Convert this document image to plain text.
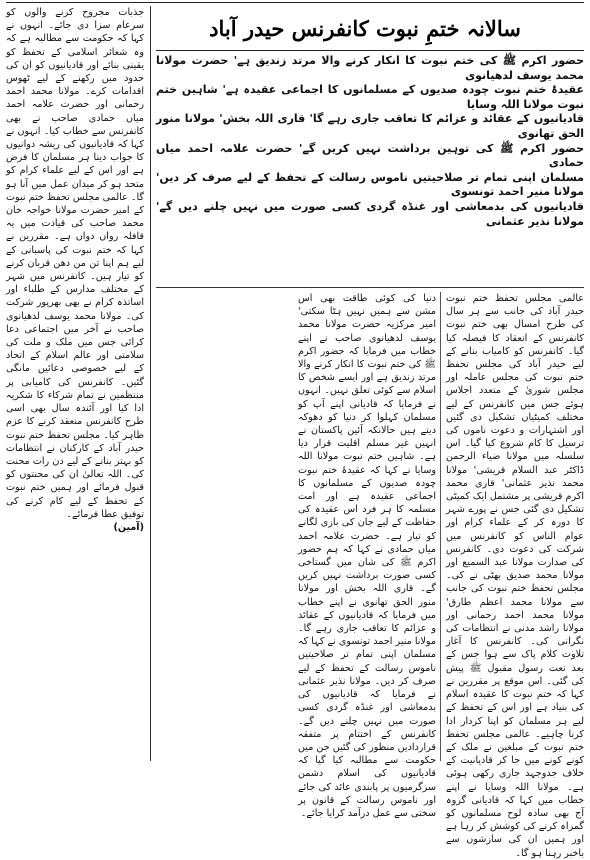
سالانہ ختمِ نبوت کانفرنس حیدر آباد

حضور اکرم ﷺ کی ختم نبوت کا انکار کرنے والا مرتد زندیق ہے' حضرت مولانا محمد یوسف لدھیانوی

عقیدۂ ختم نبوت چودہ صدیوں کے مسلمانوں کا اجماعی عقیدہ ہے' شاہین ختم نبوت مولانا اللہ وسایا

قادیانیوں کے عقائد و عزائم کا تعاقب جاری رہے گا' قاری اللہ بخش' مولانا منور الحق تھانوی

حضور اکرم ﷺ کی توہین برداشت نہیں کریں گے' حضرت علامہ احمد میاں حمادی

مسلمان اپنی تمام تر صلاحیتیں ناموس رسالت کے تحفظ کے لیے صرف کر دیں' مولانا منیر احمد تونسوی

قادیانیوں کی بدمعاشی اور غنڈہ گردی کسی صورت میں نہیں چلنے دیں گے' مولانا نذیر عثمانی

عالمی مجلس تحفظ ختم نبوت حیدر آباد کی جانب سے ہر سال کی طرح امسال بھی ختم نبوت کانفرنس کے انعقاد کا فیصلہ کیا گیا۔ کانفرنس کو کامیاب بنانے کے لیے حیدر آباد کی مجلس تحفظ ختم نبوت کی مجلس عاملہ اور مجلس شوریٰ کے متعدد اجلاس ہوئے جس میں کانفرنس کے لیے مختلف کمیٹیاں تشکیل دی گئیں اور اشتہارات و دعوت ناموں کی ترسیل کا کام شروع کیا گیا۔ اس سلسلہ میں مولانا ضیاء الرحمن ڈاکٹر عبد السلام قریشی' مولانا محمد نذیر عثمانی' قاری محمد اکرم قریشی پر مشتمل ایک کمیٹی تشکیل دی گئی جس نے پورے شہر کا دورہ کر کے علماء کرام اور عوام الناس کو کانفرنس میں شرکت کی دعوت دی۔ کانفرنس کی صدارت مولانا عبد السمیع اور مولانا محمد صدیق بھٹی نے کی۔ مجلس تحفظ ختم نبوت کی جانب سے مولانا محمد اعظم طارق' مولانا محمد احمد رحمانی اور مولانا راشد مدنی نے انتظامات کی نگرانی کی۔ کانفرنس کا آغاز تلاوت کلام پاک سے ہوا جس کے بعد نعت رسول مقبول ﷺ پیش کی گئی۔ اس موقع پر مقررین نے کہا کہ ختم نبوت کا عقیدہ اسلام کی بنیاد ہے اور اس کے تحفظ کے لیے ہر مسلمان کو اپنا کردار ادا کرنا چاہیے۔ عالمی مجلس تحفظ ختم نبوت کے مبلغین نے ملک کے کونے کونے میں جا کر قادیانیت کے خلاف جدوجہد جاری رکھی ہوئی ہے۔ مولانا اللہ وسایا نے اپنے خطاب میں کہا کہ قادیانی گروہ آج بھی سادہ لوح مسلمانوں کو گمراہ کرنے کی کوشش کر رہا ہے اور ہمیں ان کی سازشوں سے باخبر رہنا ہو گا۔

دنیا کی کوئی طاقت بھی اس مشن سے ہمیں نہیں ہٹا سکتی' امیر مرکزیہ حضرت مولانا محمد یوسف لدھیانوی صاحب نے اپنے خطاب میں فرمایا کہ حضور اکرم ﷺ کی ختم نبوت کا انکار کرنے والا مرتد زندیق ہے اور ایسے شخص کا اسلام سے کوئی تعلق نہیں۔ انہوں نے فرمایا کہ قادیانی اپنے آپ کو مسلمان کہلوا کر دنیا کو دھوکہ دیتے ہیں حالانکہ آئین پاکستان نے انہیں غیر مسلم اقلیت قرار دیا ہے۔ شاہین ختم نبوت مولانا اللہ وسایا نے کہا کہ عقیدۂ ختم نبوت چودہ صدیوں کے مسلمانوں کا اجماعی عقیدہ ہے اور امت مسلمہ کا ہر فرد اس عقیدہ کی حفاظت کے لیے جان کی بازی لگانے کو تیار ہے۔ حضرت علامہ احمد میاں حمادی نے کہا کہ ہم حضور اکرم ﷺ کی شان میں گستاخی کسی صورت برداشت نہیں کریں گے۔ قاری اللہ بخش اور مولانا منور الحق تھانوی نے اپنے خطاب میں فرمایا کہ قادیانیوں کے عقائد و عزائم کا تعاقب جاری رہے گا۔ مولانا منیر احمد تونسوی نے کہا کہ مسلمان اپنی تمام تر صلاحیتیں ناموس رسالت کے تحفظ کے لیے صرف کر دیں۔ مولانا نذیر عثمانی نے فرمایا کہ قادیانیوں کی بدمعاشی اور غنڈہ گردی کسی صورت میں نہیں چلنے دیں گے۔ کانفرنس کے اختتام پر متفقہ قراردادیں منظور کی گئیں جن میں حکومت سے مطالبہ کیا گیا کہ قادیانیوں کی اسلام دشمن سرگرمیوں پر پابندی عائد کی جائے اور ناموس رسالت کے قانون پر سختی سے عمل درآمد کرایا جائے۔

جذبات مجروح کرنے والوں کو سرعام سزا دی جائے۔ انہوں نے کہا کہ حکومت سے مطالبہ ہے کہ وہ شعائر اسلامی کے تحفظ کو یقینی بنائے اور قادیانیوں کو ان کی حدود میں رکھنے کے لیے ٹھوس اقدامات کرے۔ مولانا محمد احمد رحمانی اور حضرت علامہ احمد میاں حمادی صاحب نے بھی کانفرنس سے خطاب کیا۔ انہوں نے کہا کہ قادیانیوں کی ریشہ دوانیوں کا جواب دینا ہر مسلمان کا فرض ہے اور اس کے لیے علماء کرام کو متحد ہو کر میدان عمل میں آنا ہو گا۔ عالمی مجلس تحفظ ختم نبوت کے امیر حضرت مولانا خواجہ خان محمد صاحب کی قیادت میں یہ قافلہ رواں دواں ہے۔ مقررین نے کہا کہ ختم نبوت کی پاسبانی کے لیے ہم اپنا تن من دھن قربان کرنے کو تیار ہیں۔ کانفرنس میں شہر کے مختلف مدارس کے طلباء اور اساتذہ کرام نے بھی بھرپور شرکت کی۔ مولانا محمد یوسف لدھیانوی صاحب نے آخر میں اجتماعی دعا کرائی جس میں ملک و ملت کی سلامتی اور عالم اسلام کے اتحاد کے لیے خصوصی دعائیں مانگی گئیں۔ کانفرنس کی کامیابی پر منتظمین نے تمام شرکاء کا شکریہ ادا کیا اور آئندہ سال بھی اسی طرح کانفرنس منعقد کرنے کا عزم ظاہر کیا۔ مجلس تحفظ ختم نبوت حیدر آباد کے کارکنان نے انتظامات کو بہتر بنانے کے لیے دن رات محنت کی۔ اللہ تعالیٰ ان کی محنتوں کو قبول فرمائے اور ہمیں ختم نبوت کے تحفظ کے لیے کام کرنے کی توفیق عطا فرمائے۔

(آمین)
